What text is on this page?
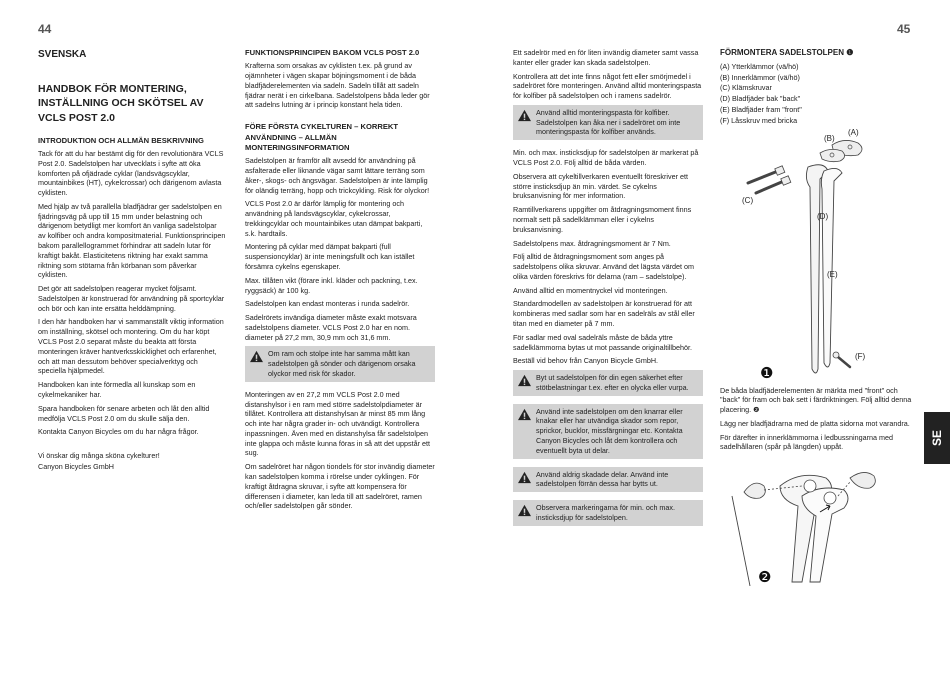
44	45
SVENSKA
HANDBOK FÖR MONTERING, INSTÄLLNING OCH SKÖTSEL AV VCLS POST 2.0
INTRODUKTION OCH ALLMÄN BESKRIVNING

Tack för att du har bestämt dig för den revolutionära VCLS Post 2.0. Sadelstolpen har utvecklats i syfte att öka komforten på ofjädrade cyklar (landsvägscyklar, mountainbikes (HT), cykelcrossar) och därigenom avlasta cyklisten.

Med hjälp av två parallella bladfjädrar ger sadelstolpen en fjädringsväg på upp till 15 mm under belastning och därigenom betydligt mer komfort än vanliga sadelstolpar av kolfiber och andra kompositmaterial. Funktionsprincipen bakom parallellogrammet förhindrar att sadeln lutar för kraftigt bakåt. Elasticitetens riktning har exakt samma riktning som stötarna från körbanan som påverkar cyklisten.

Det gör att sadelstolpen reagerar mycket följsamt. Sadelstolpen är konstruerad för användning på sportcyklar och bör och kan inte ersätta helddämpning.

I den här handboken har vi sammanställt viktig information om inställning, skötsel och montering. Om du har köpt VCLS Post 2.0 separat måste du beakta att första monteringen kräver hantverksskicklighet och erfarenhet, och att man dessutom behöver specialverktyg och speciella hjälpmedel.

Handboken kan inte förmedla all kunskap som en cykelmekaniker har.

Spara handboken för senare arbeten och låt den alltid medfölja VCLS Post 2.0 om du skulle sälja den.

Kontakta Canyon Bicycles om du har några frågor.

Vi önskar dig många sköna cykelturer!

Canyon Bicycles GmbH

FUNKTIONSPRINCIPEN BAKOM VCLS POST 2.0

Krafterna som orsakas av cyklisten t.ex. på grund av ojämnheter i vägen skapar böjningsmoment i de båda bladfjäderelementen via sadeln. Sadeln tillåt att sadeln fjädrar nerät i en cirkelbana. Sadelstolpens båda leder gör att sadelns lutning är i princip konstant hela tiden.

FÖRE FÖRSTA CYKELTUREN – KORREKT ANVÄNDNING – ALLMÄN MONTERINGSINFORMATION

Sadelstolpen är framför allt avsedd för användning på asfalterade eller liknande vägar samt lättare terräng som åker-, skogs- och ängsvägar. Sadelstolpen är inte lämplig för oländig terräng, hopp och trickcykling. Risk för olyckor!

VCLS Post 2.0 är därför lämplig för montering och användning på landsvägscyklar, cykelcrossar, trekkingcyklar och mountainbikes utan dämpat bakparti, s.k. hardtails.

Montering på cyklar med dämpat bakparti (full suspensioncyklar) är inte meningsfullt och kan istället försämra cykelns egenskaper.

Max. tillåten vikt (förare inkl. kläder och packning, t.ex. ryggsäck) är 100 kg.

Sadelstolpen kan endast monteras i runda sadelrör.

Sadelrörets invändiga diameter måste exakt motsvara sadelstolpens diameter. VCLS Post 2.0 har en nom. diameter på 27,2 mm, 30,9 mm och 31,6 mm.

Om ram och stolpe inte har samma mått kan sadelstolpen gå sönder och därigenom orsaka olyckor med risk för skador.

Monteringen av en 27,2 mm VCLS Post 2.0 med distanshylsor i en ram med större sadelstolpdiameter är tillåtet. Kontrollera att distanshylsan är minst 85 mm lång och inte har några grader in- och utvändigt. Kontrollera inpassningen. Även med en distanshylsa får sadelstolpen inte glappa och måste kunna föras in så att det uppstår ett sug.

Om sadelröret har någon tiondels för stor invändig diameter kan sadelstolpen komma i rörelse under cyklingen. För kraftigt åtdragna skruvar, i syfte att kompensera för differensen i diameter, kan leda till att sadelröret, ramen och/eller sadelstolpen går sönder.

Ett sadelrör med en för liten invändig diameter samt vassa kanter eller grader kan skada sadelstolpen.

Kontrollera att det inte finns något fett eller smörjmedel i sadelröret före monteringen. Använd alltid monteringspasta för kolfiber på sadelstolpen och i ramens sadelrör.

Använd alltid monteringspasta för kolfiber. Sadelstolpen kan åka ner i sadelröret om inte monteringspasta för kolfiber används.

Min. och max. insticksdjup för sadelstolpen är markerat på VCLS Post 2.0. Följ alltid de båda värden.

Observera att cykeltillverkaren eventuellt föreskriver ett större insticksdjup än min. värdet. Se cykelns bruksanvisning för mer information.

Ramtillverkarens uppgifter om åtdragningsmoment finns normalt sett på sadelklämman eller i cykelns bruksanvisning.

Sadelstolpens max. åtdragningsmoment är 7 Nm.

Följ alltid de åtdragningsmoment som anges på sadelstolpens olika skruvar. Använd det lägsta värdet om olika värden föreskrivs för delarna (ram – sadelstolpe).

Använd alltid en momentnyckel vid monteringen.

Standardmodellen av sadelstolpen är konstruerad för att kombineras med sadlar som har en sadelräls av stål eller titan med en diameter på 7 mm.

För sadlar med oval sadelräls måste de båda yttre sadelklämmorna bytas ut mot passande originaltillbehör.

Beställ vid behov från Canyon Bicycle GmbH.

Byt ut sadelstolpen för din egen säkerhet efter stötbelastningar t.ex. efter en olycka eller vurpa.
Använd inte sadelstolpen om den knarrar eller knakar eller har utvändiga skador som repor, sprickor, bucklor, missfärgningar etc. Kontakta Canyon Bicycles och låt dem kontrollera och eventuellt byta ut delar.
Använd aldrig skadade delar. Använd inte sadelstolpen förrän dessa har bytts ut.
Observera markeringarna för min. och max. insticksdjup för sadelstolpen.
FÖRMONTERA SADELSTOLPEN ❶
(A) Ytterklämmor (vä/hö)
(B) Innerklämmor (vä/hö)
(C) Klämskruvar
(D) Bladfjäder bak "back"
(E) Bladfjäder fram "front"
(F) Låsskruv med bricka
(A)
(B)
(C)
(D)
(E)
(F)
❶

De båda bladfjäderelementen är märkta med "front" och "back" för fram och bak sett i färdriktningen. Följ alltid denna placering. ❷

Lägg ner bladfjädrarna med de platta sidorna mot varandra.

För därefter in innerklämmorna i ledbussningarna med sadelhållaren (spår på längden) uppåt.

❷
SE
